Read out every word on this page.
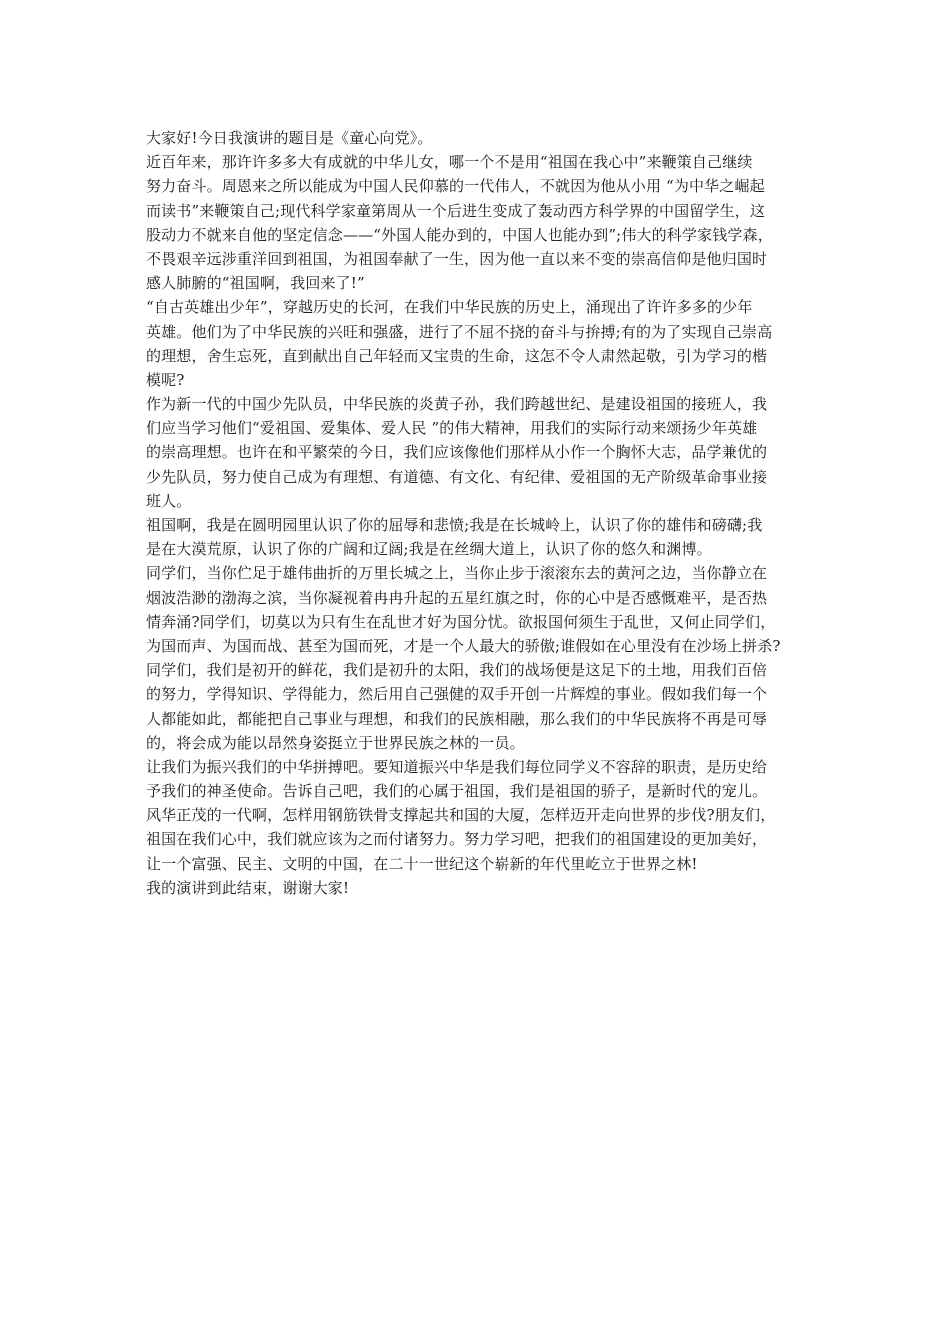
大家好!今日我演讲的题目是《童心向党》。
近百年来，那许许多多大有成就的中华儿女，哪一个不是用“祖国在我心中”来鞭策自己继续
努力奋斗。周恩来之所以能成为中国人民仰慕的一代伟人，不就因为他从小用 “为中华之崛起
而读书”来鞭策自己;现代科学家童第周从一个后进生变成了轰动西方科学界的中国留学生，这
股动力不就来自他的坚定信念——“外国人能办到的，中国人也能办到”;伟大的科学家钱学森，
不畏艰辛远涉重洋回到祖国，为祖国奉献了一生，因为他一直以来不变的崇高信仰是他归国时
感人肺腑的“祖国啊，我回来了!”
“自古英雄出少年”，穿越历史的长河，在我们中华民族的历史上，涌现出了许许多多的少年
英雄。他们为了中华民族的兴旺和强盛，进行了不屈不挠的奋斗与拚搏;有的为了实现自己崇高
的理想，舍生忘死，直到献出自己年轻而又宝贵的生命，这怎不令人肃然起敬，引为学习的楷
模呢?
作为新一代的中国少先队员，中华民族的炎黄子孙，我们跨越世纪、是建设祖国的接班人，我
们应当学习他们“爱祖国、爱集体、爱人民 ”的伟大精神，用我们的实际行动来颂扬少年英雄
的崇高理想。也许在和平繁荣的今日，我们应该像他们那样从小作一个胸怀大志，品学兼优的
少先队员，努力使自己成为有理想、有道德、有文化、有纪律、爱祖国的无产阶级革命事业接
班人。
祖国啊，我是在圆明园里认识了你的屈辱和悲愤;我是在长城岭上，认识了你的雄伟和磅礴;我
是在大漠荒原，认识了你的广阔和辽阔;我是在丝绸大道上，认识了你的悠久和渊博。
同学们，当你伫足于雄伟曲折的万里长城之上，当你止步于滚滚东去的黄河之边，当你静立在
烟波浩渺的渤海之滨，当你凝视着冉冉升起的五星红旗之时，你的心中是否感慨难平，是否热
情奔涌?同学们，切莫以为只有生在乱世才好为国分忧。欲报国何须生于乱世，又何止同学们，
为国而声、为国而战、甚至为国而死，才是一个人最大的骄傲;谁假如在心里没有在沙场上拼杀?
同学们，我们是初开的鲜花，我们是初升的太阳，我们的战场便是这足下的土地，用我们百倍
的努力，学得知识、学得能力，然后用自己强健的双手开创一片辉煌的事业。假如我们每一个
人都能如此，都能把自己事业与理想，和我们的民族相融，那么我们的中华民族将不再是可辱
的，将会成为能以昂然身姿挺立于世界民族之林的一员。
让我们为振兴我们的中华拼搏吧。要知道振兴中华是我们每位同学义不容辞的职责，是历史给
予我们的神圣使命。告诉自己吧，我们的心属于祖国，我们是祖国的骄子，是新时代的宠儿。
风华正茂的一代啊，怎样用钢筋铁骨支撑起共和国的大厦，怎样迈开走向世界的步伐?朋友们，
祖国在我们心中，我们就应该为之而付诸努力。努力学习吧，把我们的祖国建设的更加美好，
让一个富强、民主、文明的中国，在二十一世纪这个崭新的年代里屹立于世界之林!
我的演讲到此结束，谢谢大家!
